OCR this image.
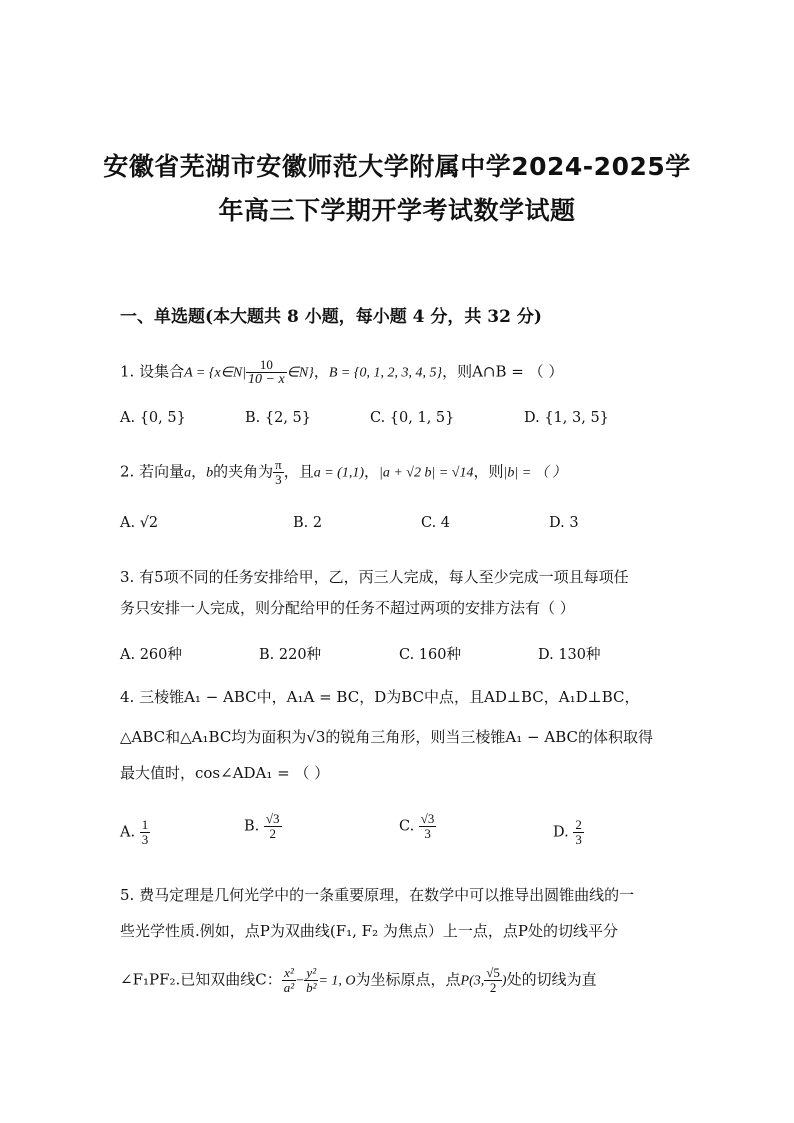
安徽省芜湖市安徽师范大学附属中学2024-2025学
年高三下学期开学考试数学试题
一、单选题(本大题共 8 小题，每小题 4 分，共 32 分)
1. 设集合A = {x∈N| $\frac{10}{10 - x}$ ∈N}，B = {0, 1, 2, 3, 4, 5}，则A∩B = （ ）
A. {0, 5}	B. {2, 5}	C. {0, 1, 5}	D. {1, 3, 5}
2. 若向量a，b的夹角为 $\frac{\pi}{3}$ ，且a = (1,1)，|a + √2 b| = √14，则|b| = （ ）
A. √2	B. 2	C. 4	D. 3
3. 有5项不同的任务安排给甲，乙，丙三人完成，每人至少完成一项且每项任
务只安排一人完成，则分配给甲的任务不超过两项的安排方法有（ ）
A. 260种	B. 220种	C. 160种	D. 130种
4. 三棱锥A₁ − ABC中，A₁A = BC，D为BC中点，且AD⊥BC，A₁D⊥BC，
△ABC和△A₁BC均为面积为√3的锐角三角形，则当三棱锥A₁ − ABC的体积取得
最大值时，cos∠ADA₁ = （ ）
A. $\frac{1}{3}$	B. $\frac{√3}{2}$	C. $\frac{√3}{3}$	D. $\frac{2}{3}$
5. 费马定理是几何光学中的一条重要原理，在数学中可以推导出圆锥曲线的一
些光学性质.例如，点P为双曲线(F₁, F₂ 为焦点）上一点，点P处的切线平分
∠F₁PF₂.已知双曲线C： $\frac{\text{x²}}{\text{a²}} - \frac{\text{y²}}{\text{b²}} = 1$, O为坐标原点，点P(3, $\frac{√5}{2}$ )处的切线为直
